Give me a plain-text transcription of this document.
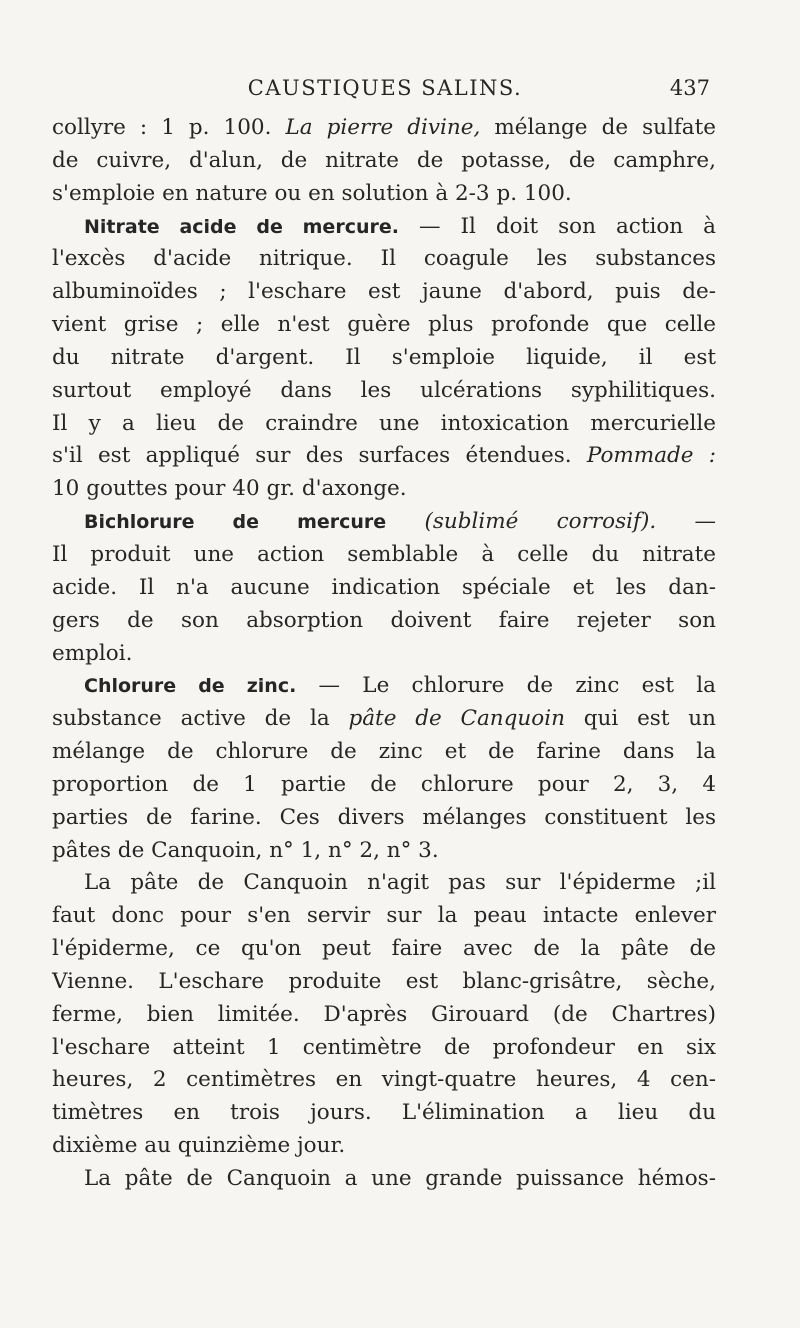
CAUSTIQUES SALINS.	437
collyre : 1 p. 100. La pierre divine, mélange de sulfate
de cuivre, d'alun, de nitrate de potasse, de camphre,
s'emploie en nature ou en solution à 2-3 p. 100.
Nitrate acide de mercure. — Il doit son action à
l'excès d'acide nitrique. Il coagule les substances
albuminoïdes ; l'eschare est jaune d'abord, puis de-
vient grise ; elle n'est guère plus profonde que celle
du nitrate d'argent. Il s'emploie liquide, il est
surtout employé dans les ulcérations syphilitiques.
Il y a lieu de craindre une intoxication mercurielle
s'il est appliqué sur des surfaces étendues. Pommade :
10 gouttes pour 40 gr. d'axonge.
Bichlorure de mercure (sublimé corrosif). —
Il produit une action semblable à celle du nitrate
acide. Il n'a aucune indication spéciale et les dan-
gers de son absorption doivent faire rejeter son
emploi.
Chlorure de zinc. — Le chlorure de zinc est la
substance active de la pâte de Canquoin qui est un
mélange de chlorure de zinc et de farine dans la
proportion de 1 partie de chlorure pour 2, 3, 4
parties de farine. Ces divers mélanges constituent les
pâtes de Canquoin, n° 1, n° 2, n° 3.
La pâte de Canquoin n'agit pas sur l'épiderme ;il
faut donc pour s'en servir sur la peau intacte enlever
l'épiderme, ce qu'on peut faire avec de la pâte de
Vienne. L'eschare produite est blanc-grisâtre, sèche,
ferme, bien limitée. D'après Girouard (de Chartres)
l'eschare atteint 1 centimètre de profondeur en six
heures, 2 centimètres en vingt-quatre heures, 4 cen-
timètres en trois jours. L'élimination a lieu du
dixième au quinzième jour.
La pâte de Canquoin a une grande puissance hémos-
